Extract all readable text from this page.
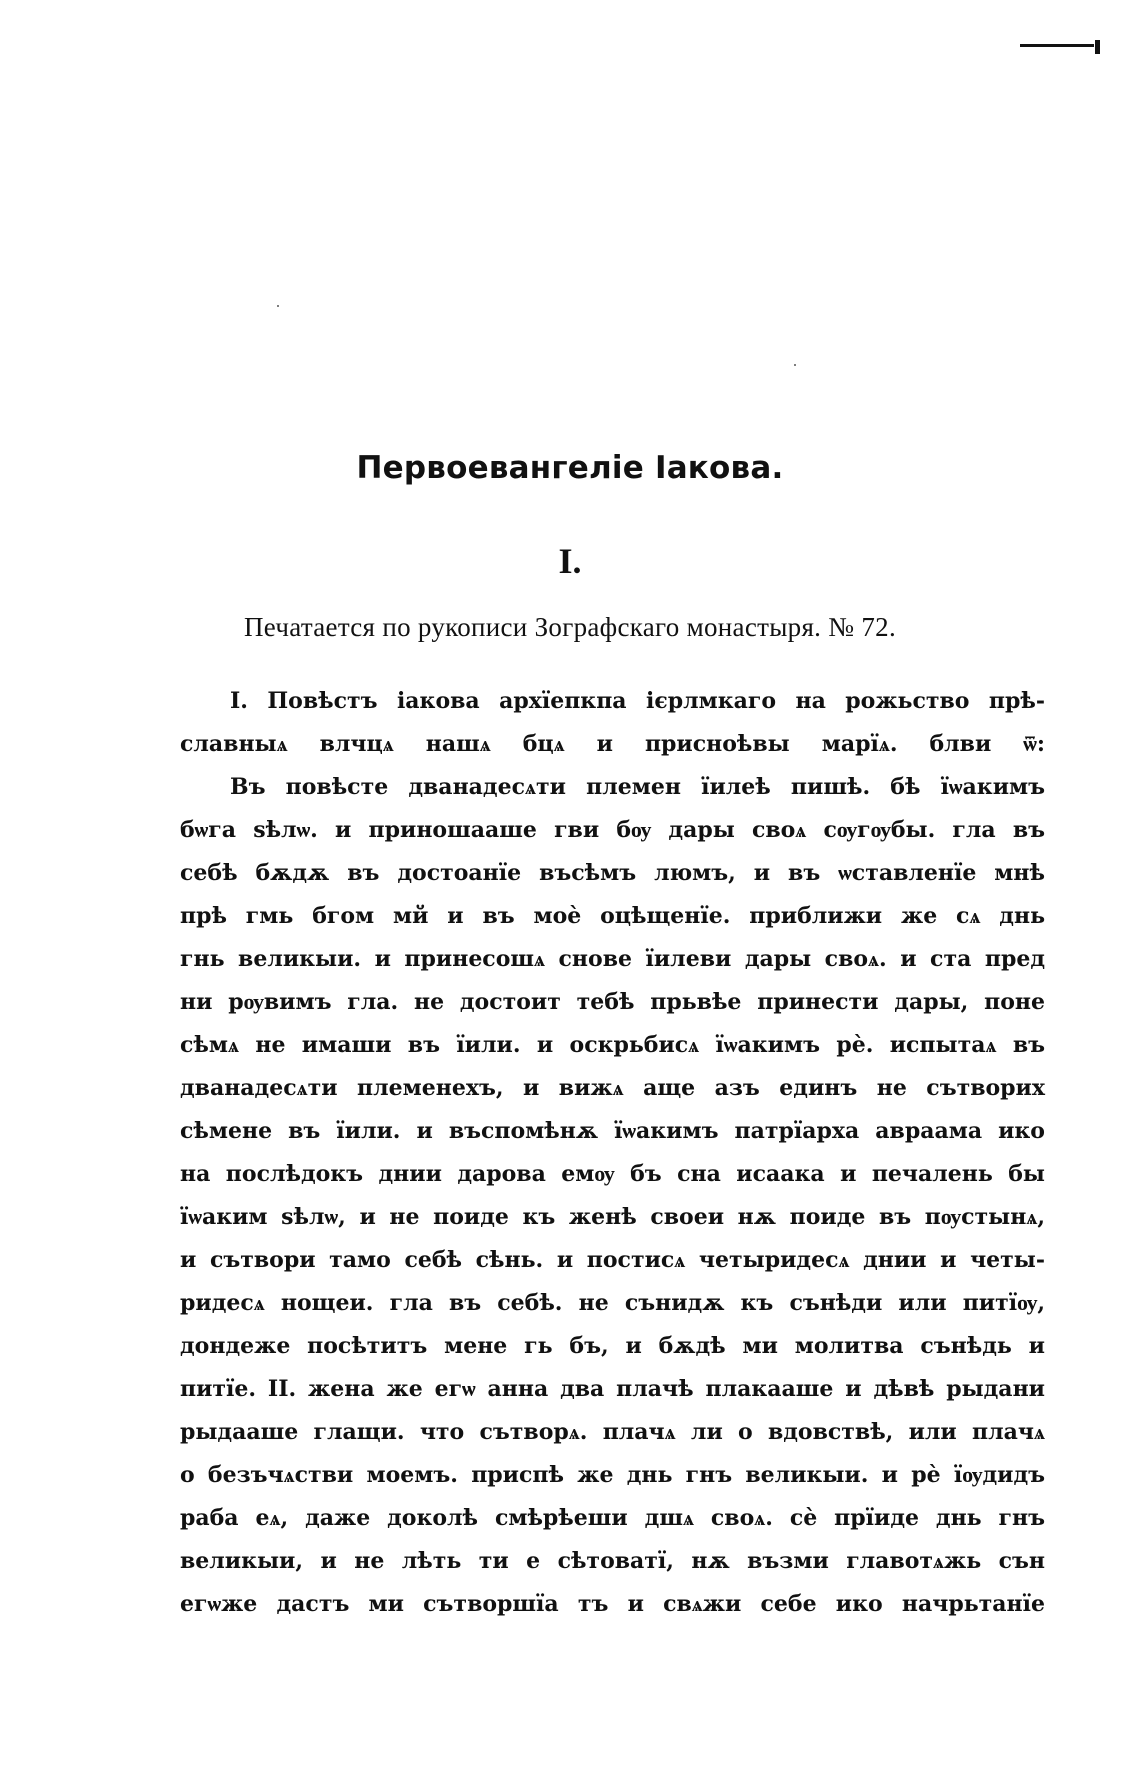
Первоевангеліе Іакова.
I.
Печатается по рукописи Зографскаго монастыря. № 72.
I. Повѣстъ іакова архїепкпа ієрлмкаго на рожьство прѣ-
славныѧ влчцѧ нашѧ бцѧ и присноѣвы марїѧ. блви ѿ:
Въ повѣсте дванадесѧти племен їилеѣ пишѣ. бѣ їѡакимъ
бѡга ѕѣлѡ. и приношааше гви бѹ дары своѧ сѹгѹбы. гла въ
себѣ бѫдѫ въ достоанїе въсѣмъ люмъ, и въ ѡставленїе мнѣ
прѣ гмь бгом мй и въ моѐ оцѣщенїе. приближи же сѧ днь
гнь великыи. и принесошѧ снове їилеви дары своѧ. и ста пред
ни рѹвимъ гла. не достоит тебѣ прьвѣе принести дары, поне
сѣмѧ не имаши въ їили. и оскрьбисѧ їѡакимъ рѐ. испытаѧ въ
дванадесѧти племенехъ, и вижѧ аще азъ единъ не сътворих
сѣмене въ їили. и въспомѣнѫ їѡакимъ патрїарха авраама ико
на послѣдокъ днии дарова емѹ бъ сна исаака и печалень бы
їѡаким ѕѣлѡ, и не поиде къ женѣ своеи нѫ поиде въ пѹстынѧ,
и сътвори тамо себѣ сѣнь. и постисѧ четыридесѧ днии и четы-
ридесѧ нощеи. гла въ себѣ. не сънидѫ къ сънѣди или питїѹ,
дондеже посѣтитъ мене гь бъ, и бѫдѣ ми молитва сънѣдь и
питїе. II. жена же егѡ анна два плачѣ плакааше и дѣвѣ рыдани
рыдааше глащи. что сътворѧ. плачѧ ли о вдовствѣ, или плачѧ
о безъчѧстви моемъ. приспѣ же днь гнъ великыи. и рѐ їѹдидъ
раба еѧ, даже доколѣ смѣрѣеши дшѧ своѧ. сѐ прїиде днь гнъ
великыи, и не лѣть ти е сѣтоватї, нѫ възми главотѧжь сън
егѡже дастъ ми сътворшїа тъ и свѧжи себе ико начрьтанїе
